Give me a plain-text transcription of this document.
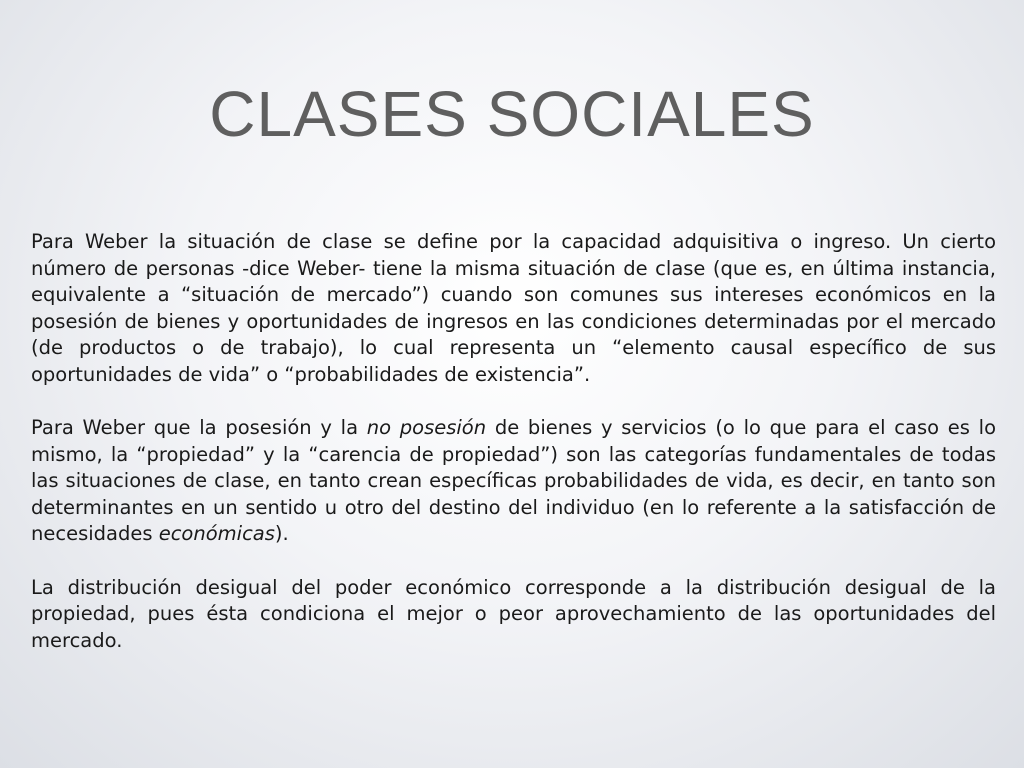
CLASES SOCIALES

Para Weber la situación de clase se define por la capacidad adquisitiva o ingreso. Un cierto número de personas -dice Weber- tiene la misma situación de clase (que es, en última instancia, equivalente a “situación de mercado”) cuando son comunes sus intereses económicos en la posesión de bienes y oportunidades de ingresos en las condiciones determinadas por el mercado (de productos o de trabajo), lo cual representa un “elemento causal específico de sus oportunidades de vida” o “probabilidades de existencia”.

Para Weber que la posesión y la no posesión de bienes y servicios (o lo que para el caso es lo mismo, la “propiedad” y la “carencia de propiedad”) son las categorías fundamentales de todas las situaciones de clase, en tanto crean específicas probabilidades de vida, es decir, en tanto son determinantes en un sentido u otro del destino del individuo (en lo referente a la satisfacción de necesidades económicas).

La distribución desigual del poder económico corresponde a la distribución desigual de la propiedad, pues ésta condiciona el mejor o peor aprovechamiento de las oportunidades del mercado.
